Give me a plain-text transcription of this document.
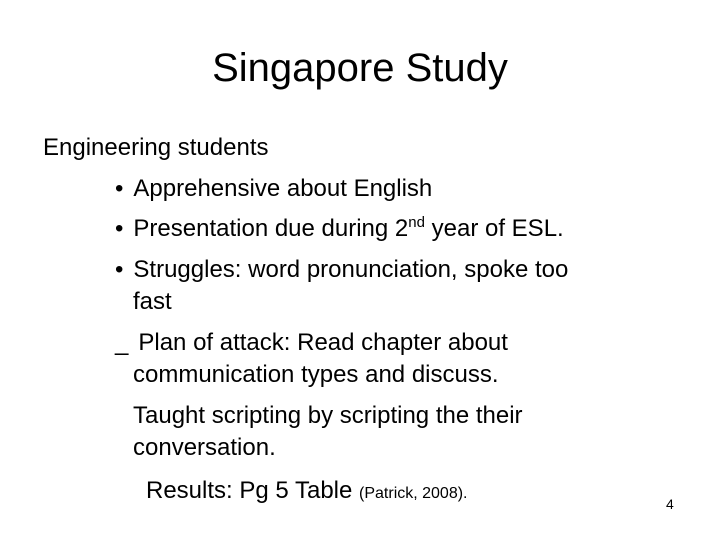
Singapore Study
Engineering students
• Apprehensive about English
• Presentation due during 2nd year of ESL.
• Struggles: word pronunciation, spoke too
fast
_ Plan of attack: Read chapter about
communication types and discuss.
Taught scripting by scripting the their
conversation.
Results: Pg 5 Table (Patrick, 2008).
4
